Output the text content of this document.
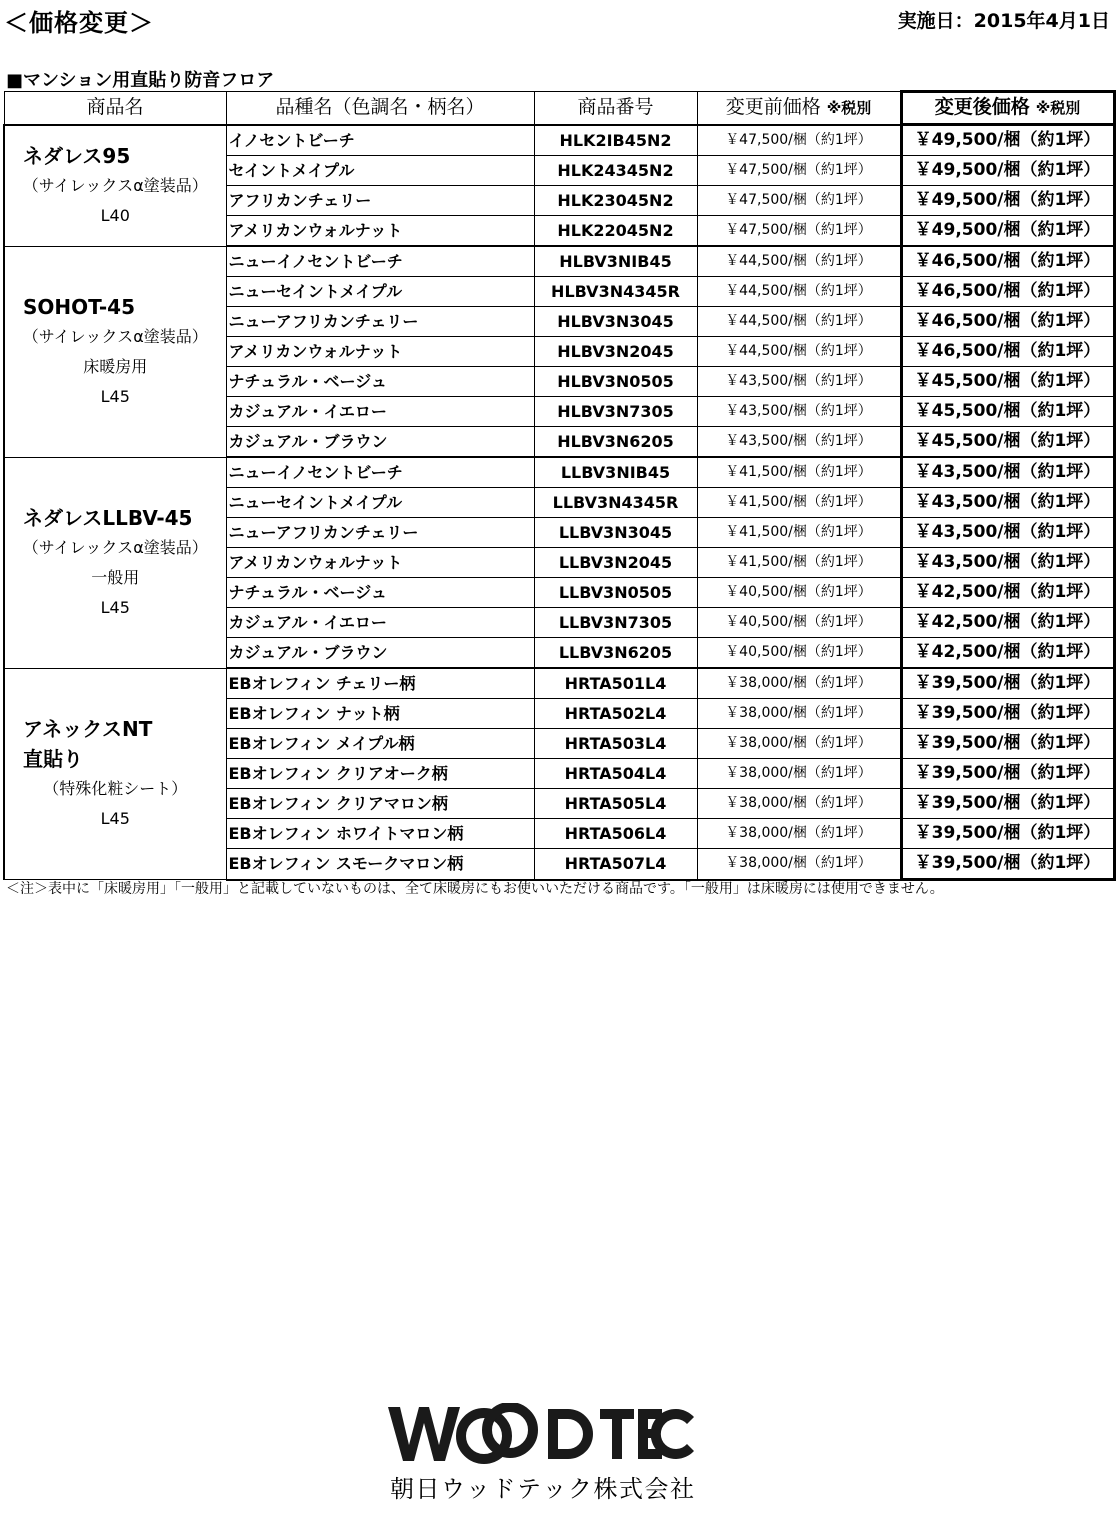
＜価格変更＞	実施日：2015年4月1日
■マンション用直貼り防音フロア
商品名	品種名（色調名・柄名）	商品番号	変更前価格 ※税別	変更後価格 ※税別

ネダレス95
（サイレックスα塗装品）
L40	イノセントビーチ	HLK2IB45N2	￥47,500/梱（約1坪）	￥49,500/梱（約1坪）
	セイントメイプル	HLK24345N2	￥47,500/梱（約1坪）	￥49,500/梱（約1坪）
	アフリカンチェリー	HLK23045N2	￥47,500/梱（約1坪）	￥49,500/梱（約1坪）
	アメリカンウォルナット	HLK22045N2	￥47,500/梱（約1坪）	￥49,500/梱（約1坪）

SOHOT-45
（サイレックスα塗装品）
床暖房用
L45	ニューイノセントビーチ	HLBV3NIB45	￥44,500/梱（約1坪）	￥46,500/梱（約1坪）
	ニューセイントメイプル	HLBV3N4345R	￥44,500/梱（約1坪）	￥46,500/梱（約1坪）
	ニューアフリカンチェリー	HLBV3N3045	￥44,500/梱（約1坪）	￥46,500/梱（約1坪）
	アメリカンウォルナット	HLBV3N2045	￥44,500/梱（約1坪）	￥46,500/梱（約1坪）
	ナチュラル・ベージュ	HLBV3N0505	￥43,500/梱（約1坪）	￥45,500/梱（約1坪）
	カジュアル・イエロー	HLBV3N7305	￥43,500/梱（約1坪）	￥45,500/梱（約1坪）
	カジュアル・ブラウン	HLBV3N6205	￥43,500/梱（約1坪）	￥45,500/梱（約1坪）

ネダレスLLBV-45
（サイレックスα塗装品）
一般用
L45	ニューイノセントビーチ	LLBV3NIB45	￥41,500/梱（約1坪）	￥43,500/梱（約1坪）
	ニューセイントメイプル	LLBV3N4345R	￥41,500/梱（約1坪）	￥43,500/梱（約1坪）
	ニューアフリカンチェリー	LLBV3N3045	￥41,500/梱（約1坪）	￥43,500/梱（約1坪）
	アメリカンウォルナット	LLBV3N2045	￥41,500/梱（約1坪）	￥43,500/梱（約1坪）
	ナチュラル・ベージュ	LLBV3N0505	￥40,500/梱（約1坪）	￥42,500/梱（約1坪）
	カジュアル・イエロー	LLBV3N7305	￥40,500/梱（約1坪）	￥42,500/梱（約1坪）
	カジュアル・ブラウン	LLBV3N6205	￥40,500/梱（約1坪）	￥42,500/梱（約1坪）

アネックスNT
直貼り
（特殊化粧シート）
L45	EBオレフィン チェリー柄	HRTA501L4	￥38,000/梱（約1坪）	￥39,500/梱（約1坪）
	EBオレフィン ナット柄	HRTA502L4	￥38,000/梱（約1坪）	￥39,500/梱（約1坪）
	EBオレフィン メイプル柄	HRTA503L4	￥38,000/梱（約1坪）	￥39,500/梱（約1坪）
	EBオレフィン クリアオーク柄	HRTA504L4	￥38,000/梱（約1坪）	￥39,500/梱（約1坪）
	EBオレフィン クリアマロン柄	HRTA505L4	￥38,000/梱（約1坪）	￥39,500/梱（約1坪）
	EBオレフィン ホワイトマロン柄	HRTA506L4	￥38,000/梱（約1坪）	￥39,500/梱（約1坪）
	EBオレフィン スモークマロン柄	HRTA507L4	￥38,000/梱（約1坪）	￥39,500/梱（約1坪）
＜注＞表中に「床暖房用」「一般用」と記載していないものは、全て床暖房にもお使いいただける商品です。「一般用」は床暖房には使用できません。
朝日ウッドテック株式会社
